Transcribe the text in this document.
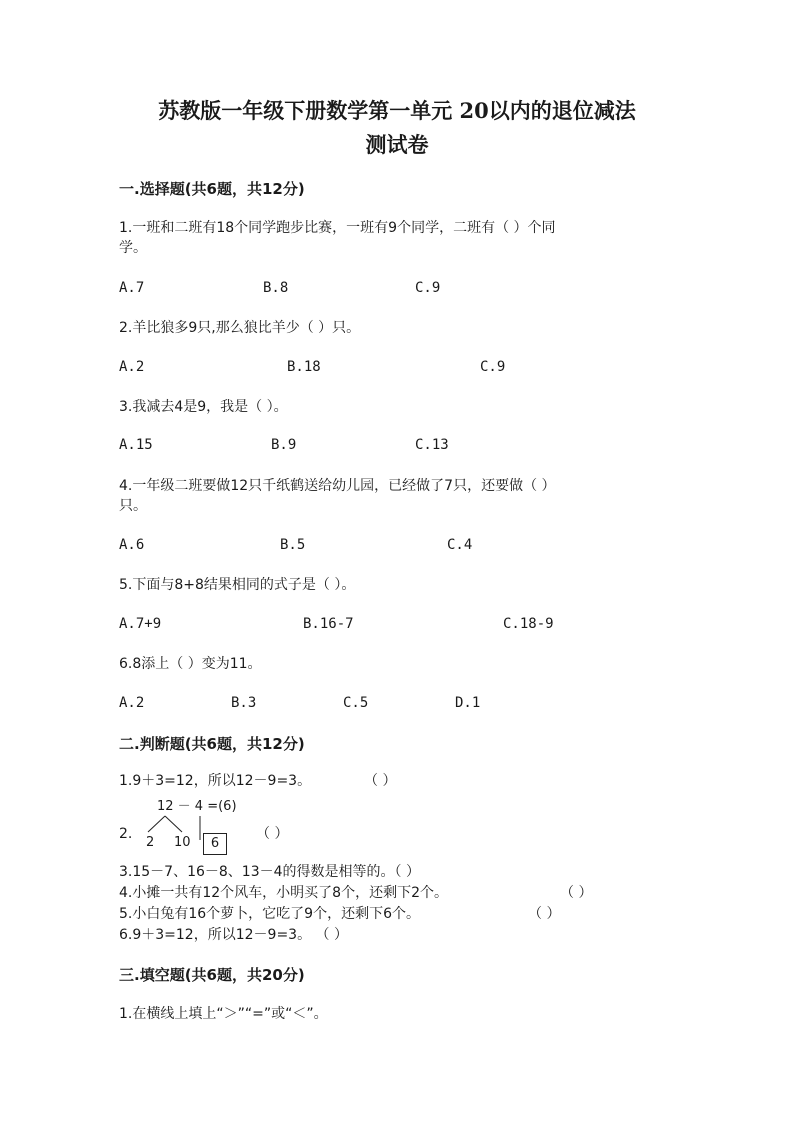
苏教版一年级下册数学第一单元 20以内的退位减法
测试卷
一.选择题(共6题，共12分)
1.一班和二班有18个同学跑步比赛，一班有9个同学，二班有（ ）个同
学。
A.7	B.8	C.9
2.羊比狼多9只,那么狼比羊少（ ）只。
A.2	B.18	C.9
3.我减去4是9，我是（ ）。
A.15	B.9	C.13
4.一年级二班要做12只千纸鹤送给幼儿园，已经做了7只，还要做（ ）
只。
A.6	B.5	C.4
5.下面与8+8结果相同的式子是（ ）。
A.7+9	B.16-7	C.18-9
6.8添上（ ）变为11。
A.2	B.3	C.5	D.1
二.判断题(共6题，共12分)
1.9＋3=12，所以12－9=3。	（ ）
12 － 4 =(6)
2.
2 10	6
（ ）
3.15－7、16－8、13－4的得数是相等的。（ ）
4.小摊一共有12个风车，小明买了8个，还剩下2个。	（ ）
5.小白兔有16个萝卜，它吃了9个，还剩下6个。	（ ）
6.9＋3=12，所以12－9=3。 （ ）
三.填空题(共6题，共20分)
1.在横线上填上“＞”“=”或“＜”。
